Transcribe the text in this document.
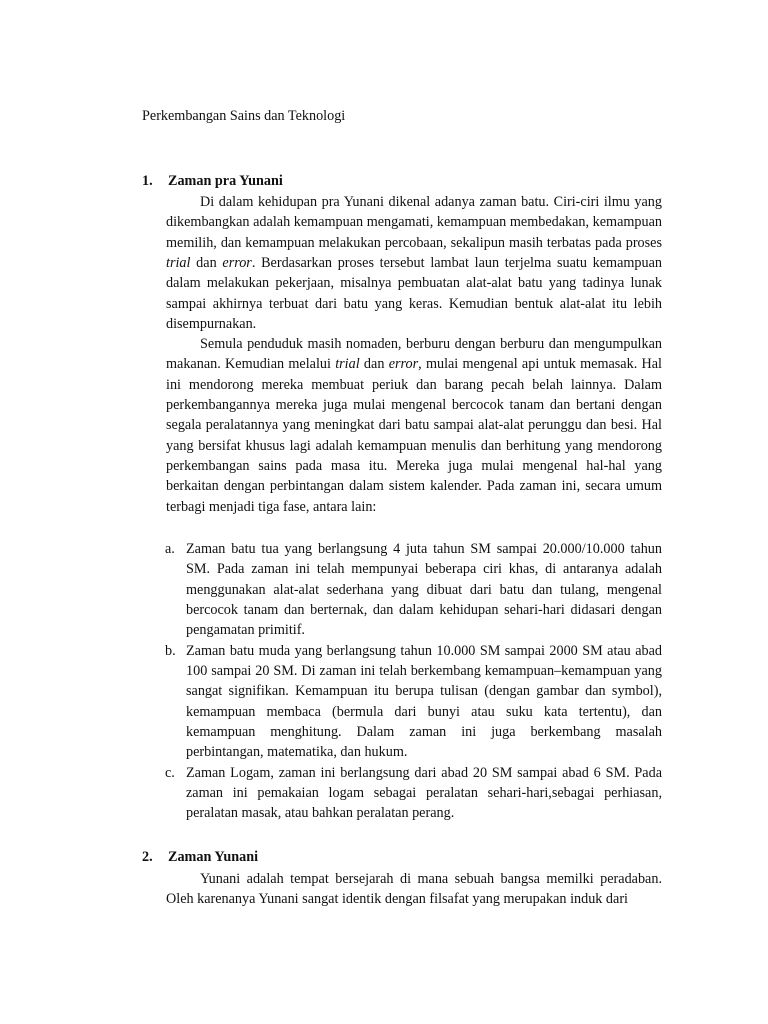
Perkembangan Sains dan Teknologi
1. Zaman pra Yunani

Di dalam kehidupan pra Yunani dikenal adanya zaman batu. Ciri-ciri ilmu yang dikembangkan adalah kemampuan mengamati, kemampuan membedakan, kemampuan memilih, dan kemampuan melakukan percobaan, sekalipun masih terbatas pada proses trial dan error. Berdasarkan proses tersebut lambat laun terjelma suatu kemampuan dalam melakukan pekerjaan, misalnya pembuatan alat-alat batu yang tadinya lunak sampai akhirnya terbuat dari batu yang keras. Kemudian bentuk alat-alat itu lebih disempurnakan.

Semula penduduk masih nomaden, berburu dengan berburu dan mengumpulkan makanan. Kemudian melalui trial dan error, mulai mengenal api untuk memasak. Hal ini mendorong mereka membuat periuk dan barang pecah belah lainnya. Dalam perkembangannya mereka juga mulai mengenal bercocok tanam dan bertani dengan segala peralatannya yang meningkat dari batu sampai alat-alat perunggu dan besi. Hal yang bersifat khusus lagi adalah kemampuan menulis dan berhitung yang mendorong perkembangan sains pada masa itu. Mereka juga mulai mengenal hal-hal yang berkaitan dengan perbintangan dalam sistem kalender. Pada zaman ini, secara umum terbagi menjadi tiga fase, antara lain:

a. Zaman batu tua yang berlangsung 4 juta tahun SM sampai 20.000/10.000 tahun SM. Pada zaman ini telah mempunyai beberapa ciri khas, di antaranya adalah menggunakan alat-alat sederhana yang dibuat dari batu dan tulang, mengenal bercocok tanam dan berternak, dan dalam kehidupan sehari-hari didasari dengan pengamatan primitif.
b. Zaman batu muda yang berlangsung tahun 10.000 SM sampai 2000 SM atau abad 100 sampai 20 SM. Di zaman ini telah berkembang kemampuan–kemampuan yang sangat signifikan. Kemampuan itu berupa tulisan (dengan gambar dan symbol), kemampuan membaca (bermula dari bunyi atau suku kata tertentu), dan kemampuan menghitung. Dalam zaman ini juga berkembang masalah perbintangan, matematika, dan hukum.
c. Zaman Logam, zaman ini berlangsung dari abad 20 SM sampai abad 6 SM. Pada zaman ini pemakaian logam sebagai peralatan sehari-hari,sebagai perhiasan, peralatan masak, atau bahkan peralatan perang.
2. Zaman Yunani

Yunani adalah tempat bersejarah di mana sebuah bangsa memilki peradaban. Oleh karenanya Yunani sangat identik dengan filsafat yang merupakan induk dari
